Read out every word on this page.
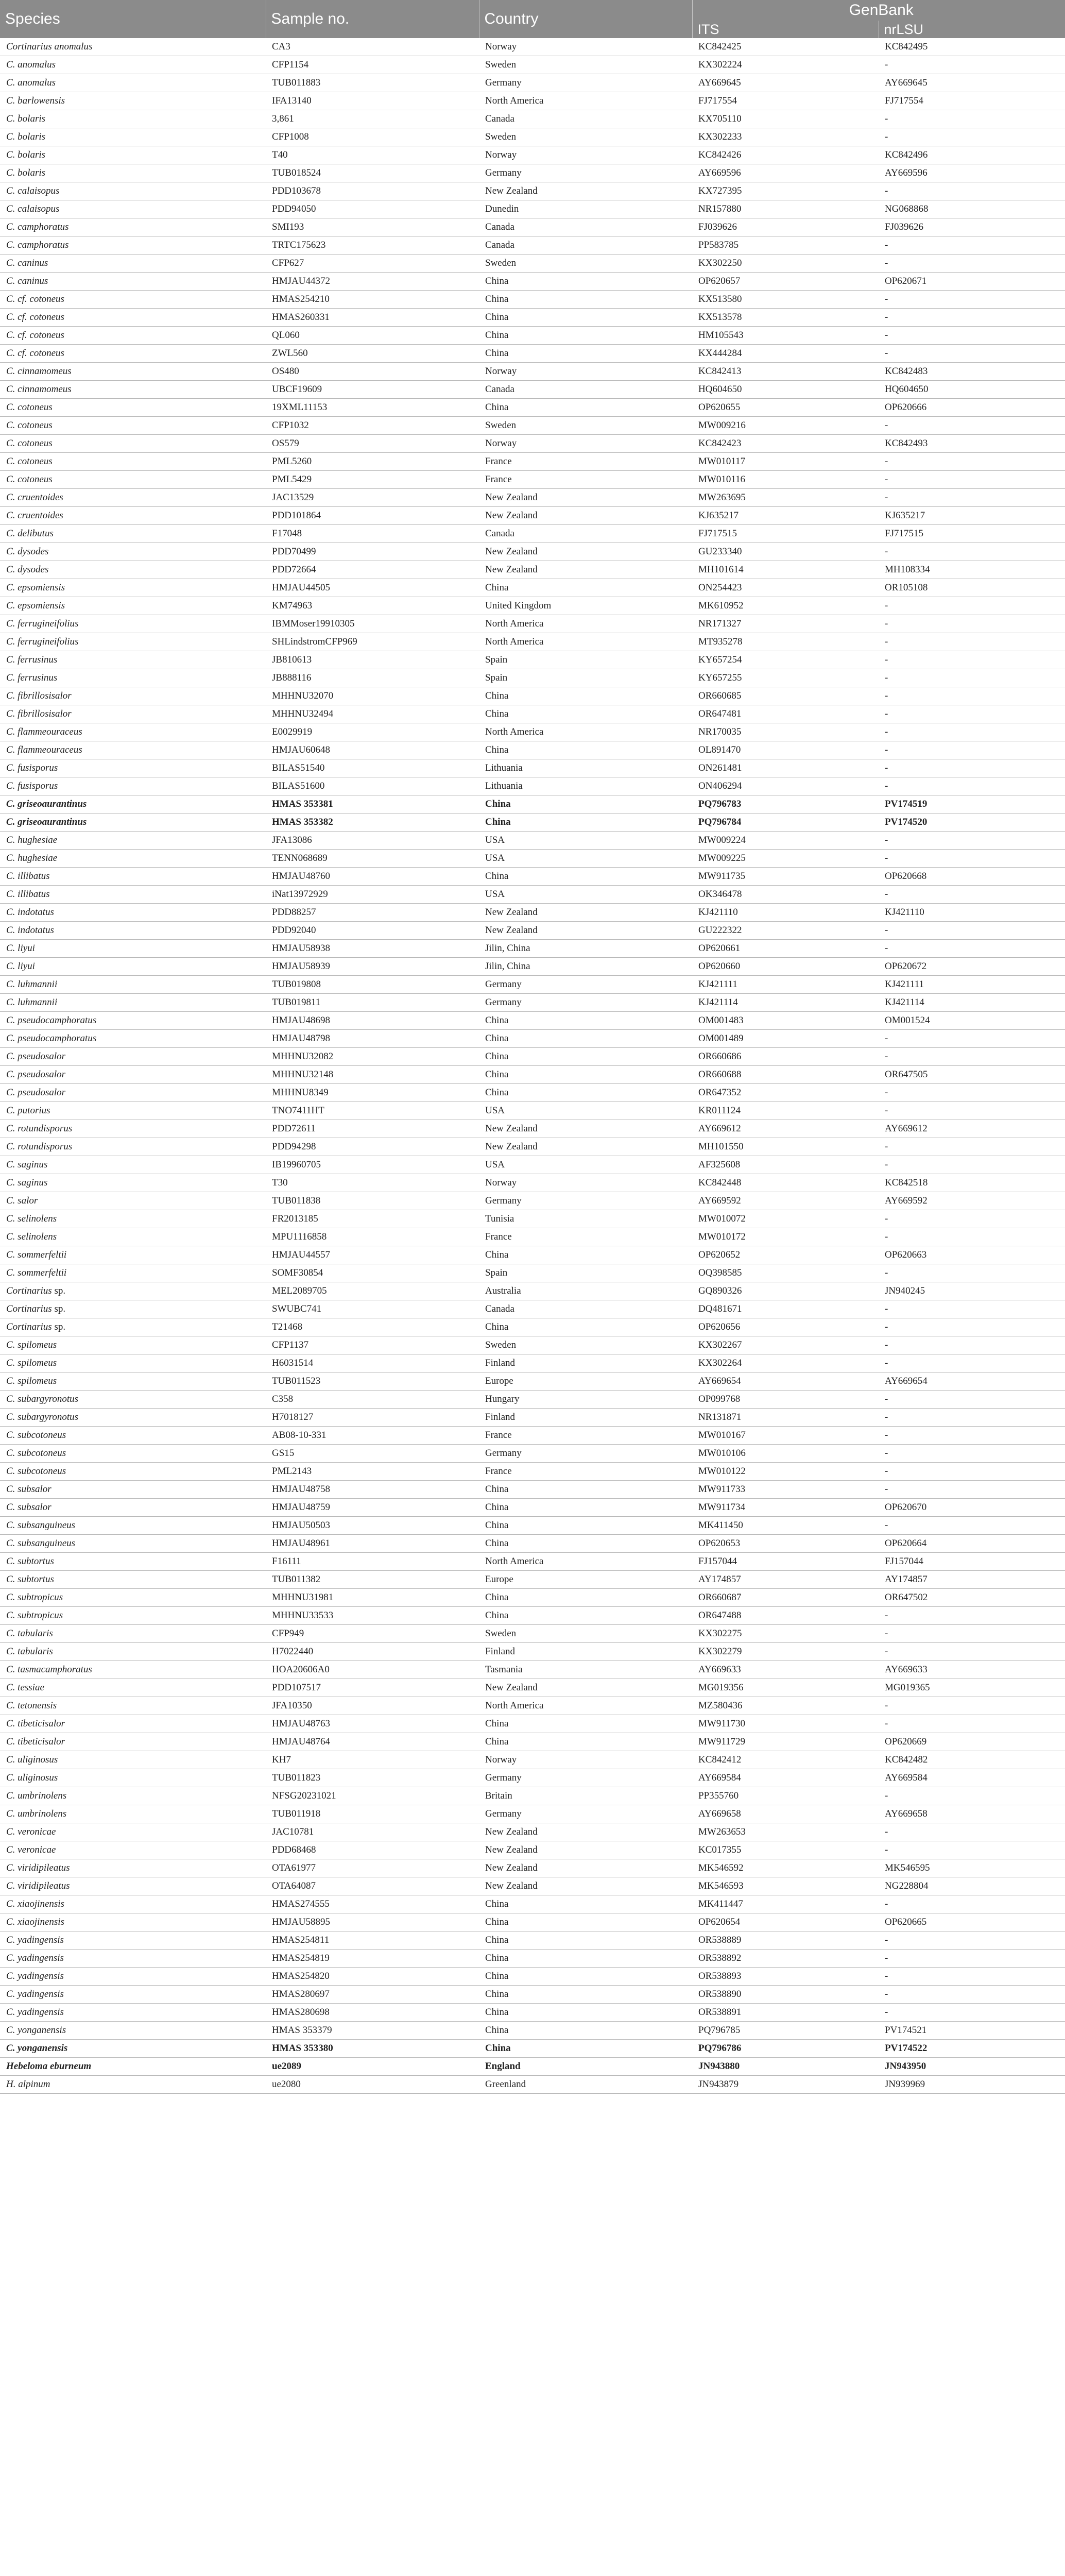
Species	Sample no.	Country	GenBank	
			ITS	nrLSU
Cortinarius anomalus	CA3	Norway	KC842425	KC842495
C. anomalus	CFP1154	Sweden	KX302224	-
C. anomalus	TUB011883	Germany	AY669645	AY669645
C. barlowensis	IFA13140	North America	FJ717554	FJ717554
C. bolaris	3,861	Canada	KX705110	-
C. bolaris	CFP1008	Sweden	KX302233	-
C. bolaris	T40	Norway	KC842426	KC842496
C. bolaris	TUB018524	Germany	AY669596	AY669596
C. calaisopus	PDD103678	New Zealand	KX727395	-
C. calaisopus	PDD94050	Dunedin	NR157880	NG068868
C. camphoratus	SMI193	Canada	FJ039626	FJ039626
C. camphoratus	TRTC175623	Canada	PP583785	-
C. caninus	CFP627	Sweden	KX302250	-
C. caninus	HMJAU44372	China	OP620657	OP620671
C. cf. cotoneus	HMAS254210	China	KX513580	-
C. cf. cotoneus	HMAS260331	China	KX513578	-
C. cf. cotoneus	QL060	China	HM105543	-
C. cf. cotoneus	ZWL560	China	KX444284	-
C. cinnamomeus	OS480	Norway	KC842413	KC842483
C. cinnamomeus	UBCF19609	Canada	HQ604650	HQ604650
C. cotoneus	19XML11153	China	OP620655	OP620666
C. cotoneus	CFP1032	Sweden	MW009216	-
C. cotoneus	OS579	Norway	KC842423	KC842493
C. cotoneus	PML5260	France	MW010117	-
C. cotoneus	PML5429	France	MW010116	-
C. cruentoides	JAC13529	New Zealand	MW263695	-
C. cruentoides	PDD101864	New Zealand	KJ635217	KJ635217
C. delibutus	F17048	Canada	FJ717515	FJ717515
C. dysodes	PDD70499	New Zealand	GU233340	-
C. dysodes	PDD72664	New Zealand	MH101614	MH108334
C. epsomiensis	HMJAU44505	China	ON254423	OR105108
C. epsomiensis	KM74963	United Kingdom	MK610952	-
C. ferrugineifolius	IBMMoser19910305	North America	NR171327	-
C. ferrugineifolius	SHLindstromCFP969	North America	MT935278	-
C. ferrusinus	JB810613	Spain	KY657254	-
C. ferrusinus	JB888116	Spain	KY657255	-
C. fibrillosisalor	MHHNU32070	China	OR660685	-
C. fibrillosisalor	MHHNU32494	China	OR647481	-
C. flammeouraceus	E0029919	North America	NR170035	-
C. flammeouraceus	HMJAU60648	China	OL891470	-
C. fusisporus	BILAS51540	Lithuania	ON261481	-
C. fusisporus	BILAS51600	Lithuania	ON406294	-
C. griseoaurantinus	HMAS 353381	China	PQ796783	PV174519
C. griseoaurantinus	HMAS 353382	China	PQ796784	PV174520
C. hughesiae	JFA13086	USA	MW009224	-
C. hughesiae	TENN068689	USA	MW009225	-
C. illibatus	HMJAU48760	China	MW911735	OP620668
C. illibatus	iNat13972929	USA	OK346478	-
C. indotatus	PDD88257	New Zealand	KJ421110	KJ421110
C. indotatus	PDD92040	New Zealand	GU222322	-
C. liyui	HMJAU58938	Jilin, China	OP620661	-
C. liyui	HMJAU58939	Jilin, China	OP620660	OP620672
C. luhmannii	TUB019808	Germany	KJ421111	KJ421111
C. luhmannii	TUB019811	Germany	KJ421114	KJ421114
C. pseudocamphoratus	HMJAU48698	China	OM001483	OM001524
C. pseudocamphoratus	HMJAU48798	China	OM001489	-
C. pseudosalor	MHHNU32082	China	OR660686	-
C. pseudosalor	MHHNU32148	China	OR660688	OR647505
C. pseudosalor	MHHNU8349	China	OR647352	-
C. putorius	TNO7411HT	USA	KR011124	-
C. rotundisporus	PDD72611	New Zealand	AY669612	AY669612
C. rotundisporus	PDD94298	New Zealand	MH101550	-
C. saginus	IB19960705	USA	AF325608	-
C. saginus	T30	Norway	KC842448	KC842518
C. salor	TUB011838	Germany	AY669592	AY669592
C. selinolens	FR2013185	Tunisia	MW010072	-
C. selinolens	MPU1116858	France	MW010172	-
C. sommerfeltii	HMJAU44557	China	OP620652	OP620663
C. sommerfeltii	SOMF30854	Spain	OQ398585	-
Cortinarius sp.	MEL2089705	Australia	GQ890326	JN940245
Cortinarius sp.	SWUBC741	Canada	DQ481671	-
Cortinarius sp.	T21468	China	OP620656	-
C. spilomeus	CFP1137	Sweden	KX302267	-
C. spilomeus	H6031514	Finland	KX302264	-
C. spilomeus	TUB011523	Europe	AY669654	AY669654
C. subargyronotus	C358	Hungary	OP099768	-
C. subargyronotus	H7018127	Finland	NR131871	-
C. subcotoneus	AB08-10-331	France	MW010167	-
C. subcotoneus	GS15	Germany	MW010106	-
C. subcotoneus	PML2143	France	MW010122	-
C. subsalor	HMJAU48758	China	MW911733	-
C. subsalor	HMJAU48759	China	MW911734	OP620670
C. subsanguineus	HMJAU50503	China	MK411450	-
C. subsanguineus	HMJAU48961	China	OP620653	OP620664
C. subtortus	F16111	North America	FJ157044	FJ157044
C. subtortus	TUB011382	Europe	AY174857	AY174857
C. subtropicus	MHHNU31981	China	OR660687	OR647502
C. subtropicus	MHHNU33533	China	OR647488	-
C. tabularis	CFP949	Sweden	KX302275	-
C. tabularis	H7022440	Finland	KX302279	-
C. tasmacamphoratus	HOA20606A0	Tasmania	AY669633	AY669633
C. tessiae	PDD107517	New Zealand	MG019356	MG019365
C. tetonensis	JFA10350	North America	MZ580436	-
C. tibeticisalor	HMJAU48763	China	MW911730	-
C. tibeticisalor	HMJAU48764	China	MW911729	OP620669
C. uliginosus	KH7	Norway	KC842412	KC842482
C. uliginosus	TUB011823	Germany	AY669584	AY669584
C. umbrinolens	NFSG20231021	Britain	PP355760	-
C. umbrinolens	TUB011918	Germany	AY669658	AY669658
C. veronicae	JAC10781	New Zealand	MW263653	-
C. veronicae	PDD68468	New Zealand	KC017355	-
C. viridipileatus	OTA61977	New Zealand	MK546592	MK546595
C. viridipileatus	OTA64087	New Zealand	MK546593	NG228804
C. xiaojinensis	HMAS274555	China	MK411447	-
C. xiaojinensis	HMJAU58895	China	OP620654	OP620665
C. yadingensis	HMAS254811	China	OR538889	-
C. yadingensis	HMAS254819	China	OR538892	-
C. yadingensis	HMAS254820	China	OR538893	-
C. yadingensis	HMAS280697	China	OR538890	-
C. yadingensis	HMAS280698	China	OR538891	-
C. yonganensis	HMAS 353379	China	PQ796785	PV174521
C. yonganensis	HMAS 353380	China	PQ796786	PV174522
Hebeloma eburneum	ue2089	England	JN943880	JN943950
H. alpinum	ue2080	Greenland	JN943879	JN939969
